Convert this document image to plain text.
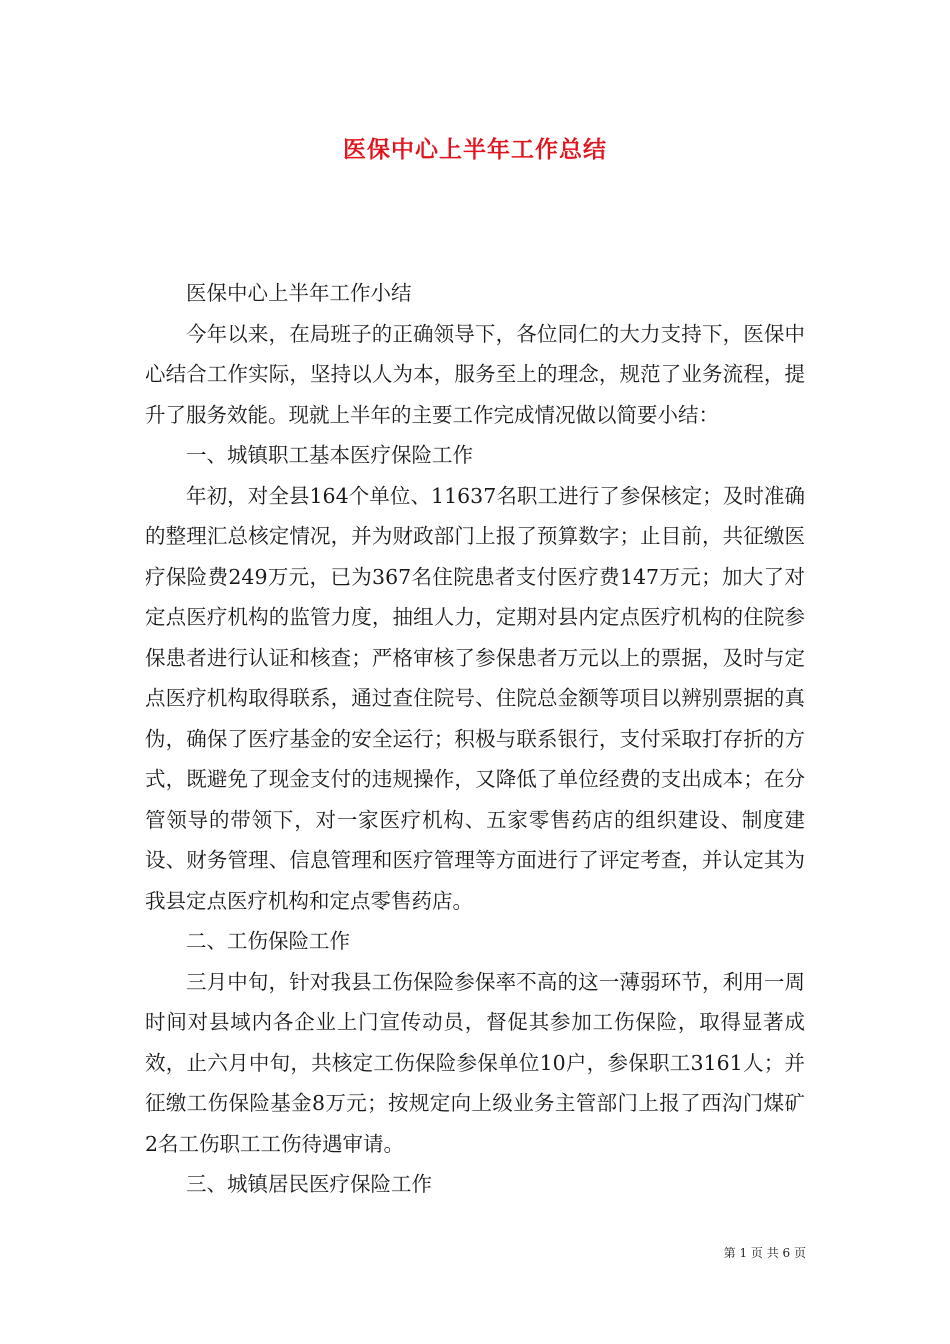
医保中心上半年工作总结

医保中心上半年工作小结

今年以来，在局班子的正确领导下，各位同仁的大力支持下，医保中心结合工作实际，坚持以人为本，服务至上的理念，规范了业务流程，提升了服务效能。现就上半年的主要工作完成情况做以简要小结：

一、城镇职工基本医疗保险工作

年初，对全县164个单位、11637名职工进行了参保核定；及时准确的整理汇总核定情况，并为财政部门上报了预算数字；止目前，共征缴医疗保险费249万元，已为367名住院患者支付医疗费147万元；加大了对定点医疗机构的监管力度，抽组人力，定期对县内定点医疗机构的住院参保患者进行认证和核查；严格审核了参保患者万元以上的票据，及时与定点医疗机构取得联系，通过查住院号、住院总金额等项目以辨别票据的真伪，确保了医疗基金的安全运行；积极与联系银行，支付采取打存折的方式，既避免了现金支付的违规操作，又降低了单位经费的支出成本；在分管领导的带领下，对一家医疗机构、五家零售药店的组织建设、制度建设、财务管理、信息管理和医疗管理等方面进行了评定考查，并认定其为我县定点医疗机构和定点零售药店。

二、工伤保险工作

三月中旬，针对我县工伤保险参保率不高的这一薄弱环节，利用一周时间对县域内各企业上门宣传动员，督促其参加工伤保险，取得显著成效，止六月中旬，共核定工伤保险参保单位10户，参保职工3161人；并征缴工伤保险基金8万元；按规定向上级业务主管部门上报了西沟门煤矿2名工伤职工工伤待遇审请。

三、城镇居民医疗保险工作

第 1 页 共 6 页
